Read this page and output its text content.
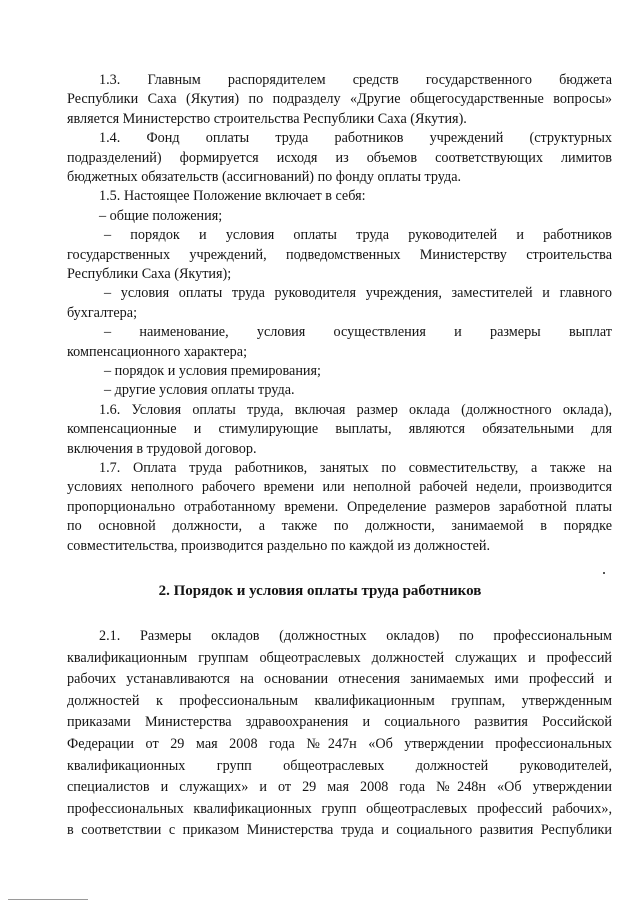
1.3. Главным распорядителем средств государственного бюджета
Республики Саха (Якутия) по подразделу «Другие общегосударственные вопросы»
является Министерство строительства Республики Саха (Якутия).
1.4. Фонд оплаты труда работников учреждений (структурных
подразделений) формируется исходя из объемов соответствующих лимитов
бюджетных обязательств (ассигнований) по фонду оплаты труда.
1.5. Настоящее Положение включает в себя:
– общие положения;
– порядок и условия оплаты труда руководителей и работников
государственных учреждений, подведомственных Министерству строительства
Республики Саха (Якутия);
– условия оплаты труда руководителя учреждения, заместителей и главного
бухгалтера;
– наименование, условия осуществления и размеры выплат
компенсационного характера;
– порядок и условия премирования;
– другие условия оплаты труда.
1.6. Условия оплаты труда, включая размер оклада (должностного оклада),
компенсационные и стимулирующие выплаты, являются обязательными для
включения в трудовой договор.
1.7. Оплата труда работников, занятых по совместительству, а также на
условиях неполного рабочего времени или неполной рабочей недели, производится
пропорционально отработанному времени. Определение размеров заработной платы
по основной должности, а также по должности, занимаемой в порядке
совместительства, производится раздельно по каждой из должностей.
2.1. Размеры окладов (должностных окладов) по профессиональным
квалификационным группам общеотраслевых должностей служащих и профессий
рабочих устанавливаются на основании отнесения занимаемых ими профессий и
должностей к профессиональным квалификационным группам, утвержденным
приказами Министерства здравоохранения и социального развития Российской
Федерации от 29 мая 2008 года №247н «Об утверждении профессиональных
квалификационных групп общеотраслевых должностей руководителей,
специалистов и служащих» и от 29 мая 2008 года №248н «Об утверждении
профессиональных квалификационных групп общеотраслевых профессий рабочих»,
в соответствии с приказом Министерства труда и социального развития Республики
2. Порядок и условия оплаты труда работников
